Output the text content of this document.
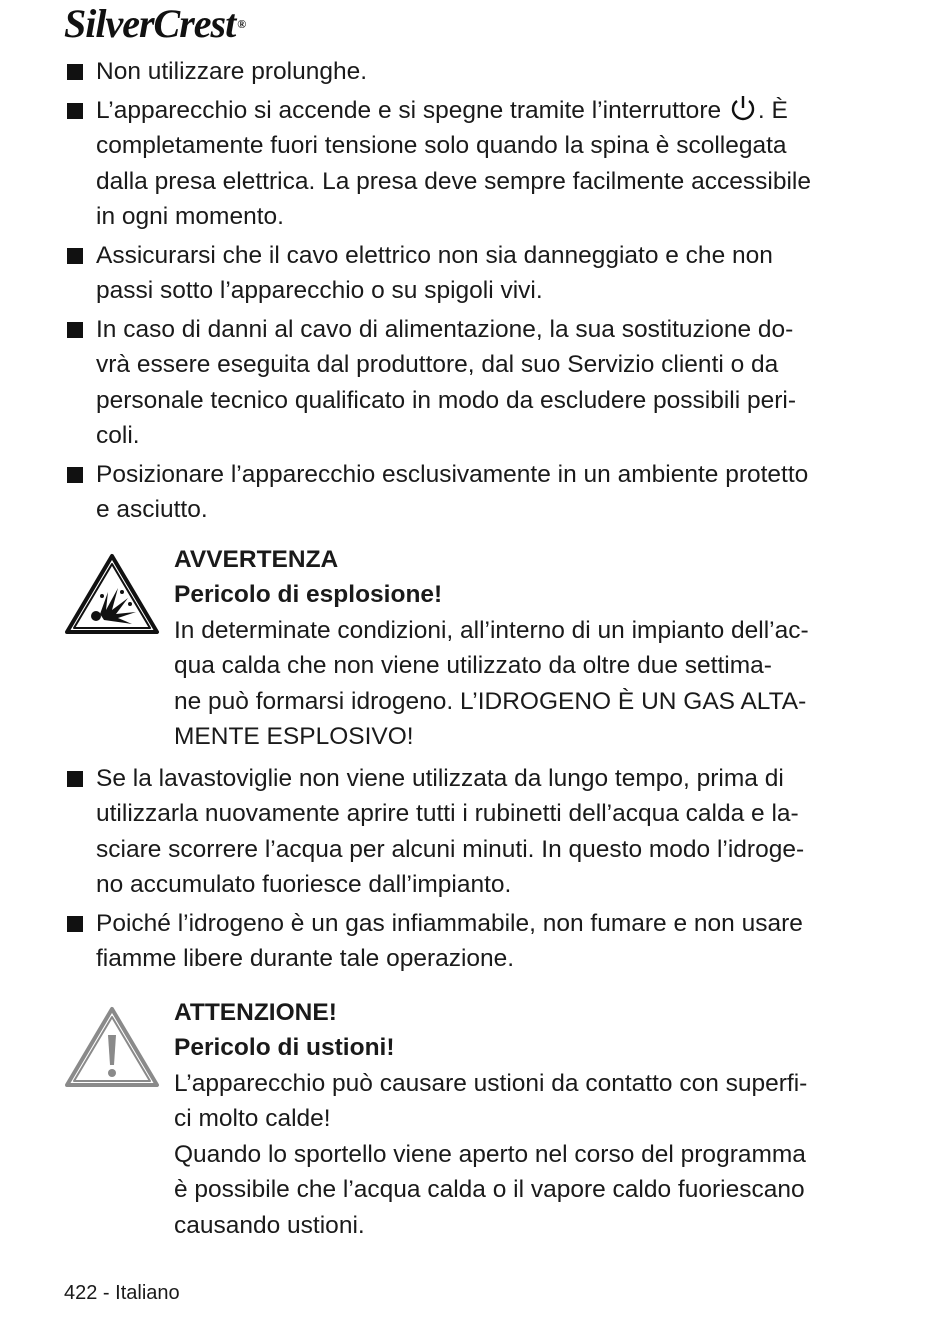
SilverCrest ®
Non utilizzare prolunghe.
L’apparecchio si accende e si spegne tramite l’interruttore . È
completamente fuori tensione solo quando la spina è scollegata
dalla presa elettrica. La presa deve sempre facilmente accessibile
in ogni momento.
Assicurarsi che il cavo elettrico non sia danneggiato e che non
passi sotto l’apparecchio o su spigoli vivi.
In caso di danni al cavo di alimentazione, la sua sostituzione do-
vrà essere eseguita dal produttore, dal suo Servizio clienti o da
personale tecnico qualificato in modo da escludere possibili peri-
coli.
Posizionare l’apparecchio esclusivamente in un ambiente protetto
e asciutto.
AVVERTENZA
Pericolo di esplosione!
In determinate condizioni, all’interno di un impianto dell’ac-
qua calda che non viene utilizzato da oltre due settima-
ne può formarsi idrogeno. L’IDROGENO È UN GAS ALTA-
MENTE ESPLOSIVO!
Se la lavastoviglie non viene utilizzata da lungo tempo, prima di
utilizzarla nuovamente aprire tutti i rubinetti dell’acqua calda e la-
sciare scorrere l’acqua per alcuni minuti. In questo modo l’idroge-
no accumulato fuoriesce dall’impianto.
Poiché l’idrogeno è un gas infiammabile, non fumare e non usare
fiamme libere durante tale operazione.
ATTENZIONE!
Pericolo di ustioni!
L’apparecchio può causare ustioni da contatto con superfi-
ci molto calde!
Quando lo sportello viene aperto nel corso del programma
è possibile che l’acqua calda o il vapore caldo fuoriescano
causando ustioni.
422 - Italiano
